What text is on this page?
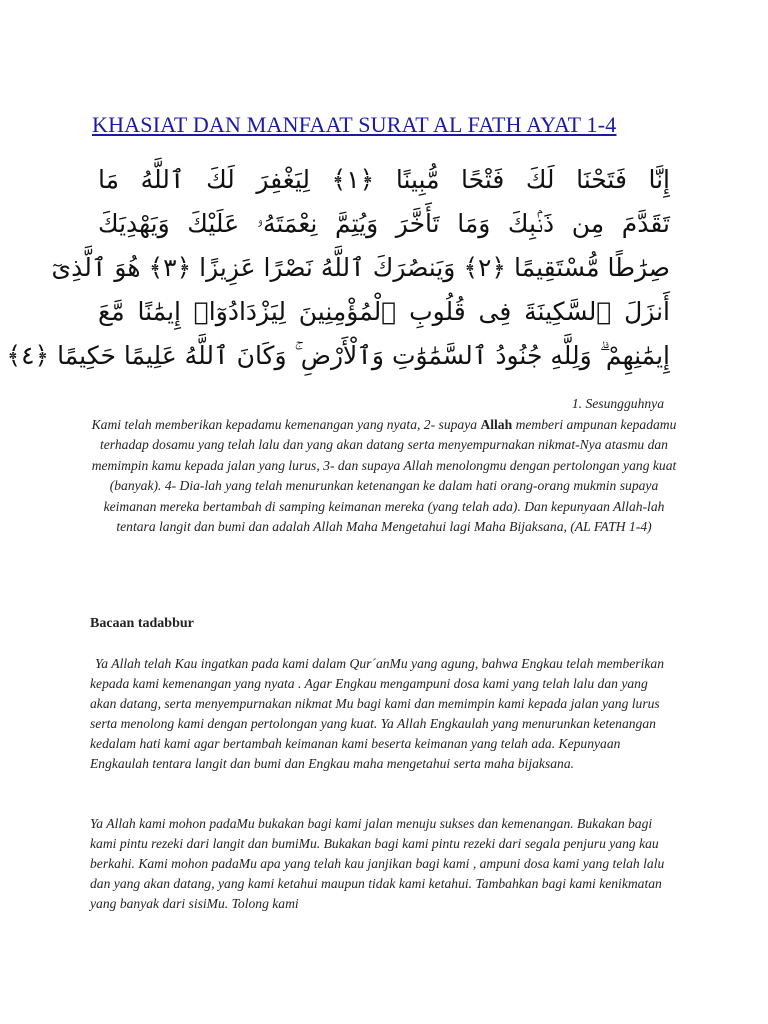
KHASIAT DAN MANFAAT SURAT AL FATH AYAT 1-4
إِنَّا فَتَحْنَا لَكَ فَتْحًا مُّبِينًا ﴿١﴾ لِيَغْفِرَ لَكَ ٱللَّهُ مَا
تَقَدَّمَ مِن ذَنۢبِكَ وَمَا تَأَخَّرَ وَيُتِمَّ نِعْمَتَهُۥ عَلَيْكَ وَيَهْدِيَكَ
صِرَٰطًا مُّسْتَقِيمًا ﴿٢﴾ وَيَنصُرَكَ ٱللَّهُ نَصْرًا عَزِيزًا ﴿٣﴾ هُوَ ٱلَّذِىٓ
أَنزَلَ ٱلسَّكِينَةَ فِى قُلُوبِ ٱلْمُؤْمِنِينَ لِيَزْدَادُوٓا۟ إِيمَٰنًا مَّعَ
إِيمَٰنِهِمْ ۗ وَلِلَّهِ جُنُودُ ٱلسَّمَٰوَٰتِ وَٱلْأَرْضِ ۚ وَكَانَ ٱللَّهُ عَلِيمًا حَكِيمًا ﴿٤﴾

1. Sesungguhnya
Kami telah memberikan kepadamu kemenangan yang nyata, 2- supaya Allah memberi ampunan kepadamu terhadap dosamu yang telah lalu dan yang akan datang serta menyempurnakan nikmat-Nya atasmu dan memimpin kamu kepada jalan yang lurus, 3- dan supaya Allah menolongmu dengan pertolongan yang kuat (banyak). 4- Dia-lah yang telah menurunkan ketenangan ke dalam hati orang-orang mukmin supaya keimanan mereka bertambah di samping keimanan mereka (yang telah ada). Dan kepunyaan Allah-lah tentara langit dan bumi dan adalah Allah Maha Mengetahui lagi Maha Bijaksana, (AL FATH 1-4)

Bacaan tadabbur

Ya Allah telah Kau ingatkan pada kami dalam Qur´anMu yang agung, bahwa Engkau telah memberikan kepada kami kemenangan yang nyata . Agar Engkau mengampuni dosa kami yang telah lalu dan yang akan datang, serta menyempurnakan nikmat Mu bagi kami dan memimpin kami kepada jalan yang lurus serta menolong kami dengan pertolongan yang kuat. Ya Allah Engkaulah yang menurunkan ketenangan kedalam hati kami agar bertambah keimanan kami beserta keimanan yang telah ada. Kepunyaan Engkaulah tentara langit dan bumi dan Engkau maha mengetahui serta maha bijaksana.

Ya Allah kami mohon padaMu bukakan bagi kami jalan menuju sukses dan kemenangan. Bukakan bagi kami pintu rezeki dari langit dan bumiMu. Bukakan bagi kami pintu rezeki dari segala penjuru yang kau berkahi. Kami mohon padaMu apa yang telah kau janjikan bagi kami , ampuni dosa kami yang telah lalu dan yang akan datang, yang kami ketahui maupun tidak kami ketahui. Tambahkan bagi kami kenikmatan yang banyak dari sisiMu. Tolong kami
